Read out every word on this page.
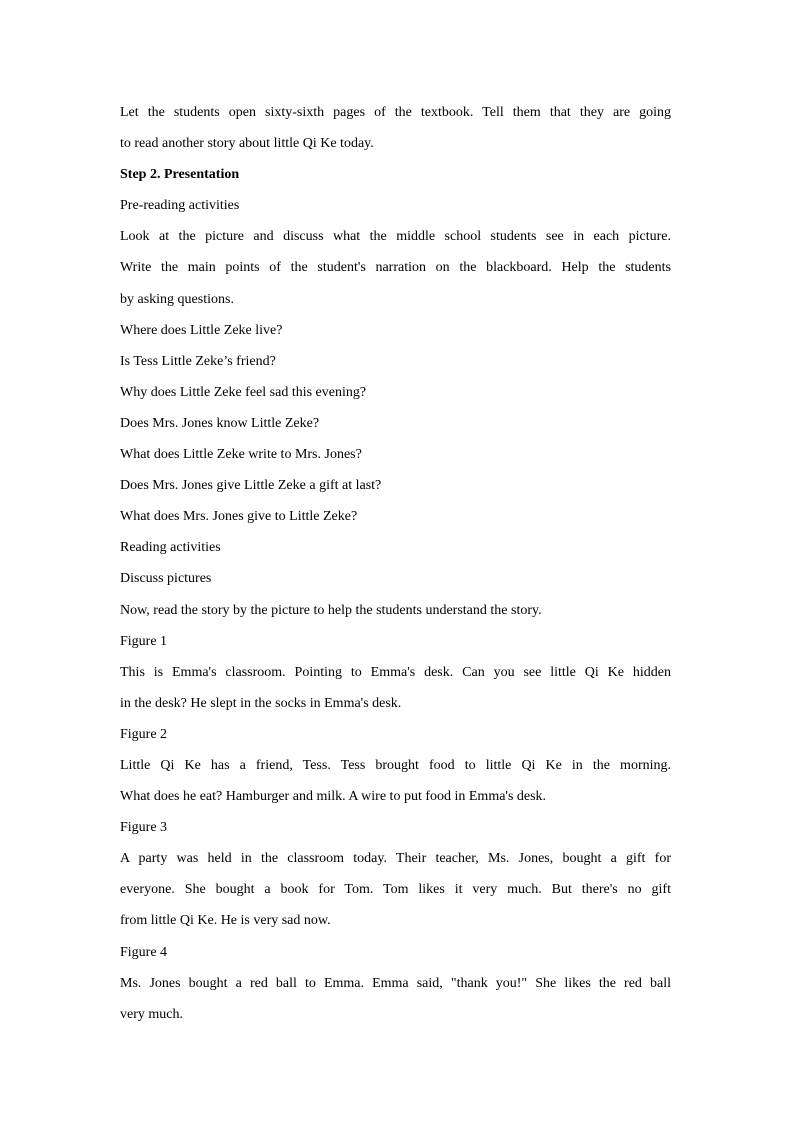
Let the students open sixty-sixth pages of the textbook. Tell them that they are going
to read another story about little Qi Ke today.
Step 2. Presentation
Pre-reading activities
Look at the picture and discuss what the middle school students see in each picture.
Write the main points of the student's narration on the blackboard. Help the students
by asking questions.
Where does Little Zeke live?
Is Tess Little Zeke’s friend?
Why does Little Zeke feel sad this evening?
Does Mrs. Jones know Little Zeke?
What does Little Zeke write to Mrs. Jones?
Does Mrs. Jones give Little Zeke a gift at last?
What does Mrs. Jones give to Little Zeke?
Reading activities
Discuss pictures
Now, read the story by the picture to help the students understand the story.
Figure 1
This is Emma's classroom. Pointing to Emma's desk. Can you see little Qi Ke hidden
in the desk? He slept in the socks in Emma's desk.
Figure 2
Little Qi Ke has a friend, Tess. Tess brought food to little Qi Ke in the morning.
What does he eat? Hamburger and milk. A wire to put food in Emma's desk.
Figure 3
A party was held in the classroom today. Their teacher, Ms. Jones, bought a gift for
everyone. She bought a book for Tom. Tom likes it very much. But there's no gift
from little Qi Ke. He is very sad now.
Figure 4
Ms. Jones bought a red ball to Emma. Emma said, "thank you!" She likes the red ball
very much.
